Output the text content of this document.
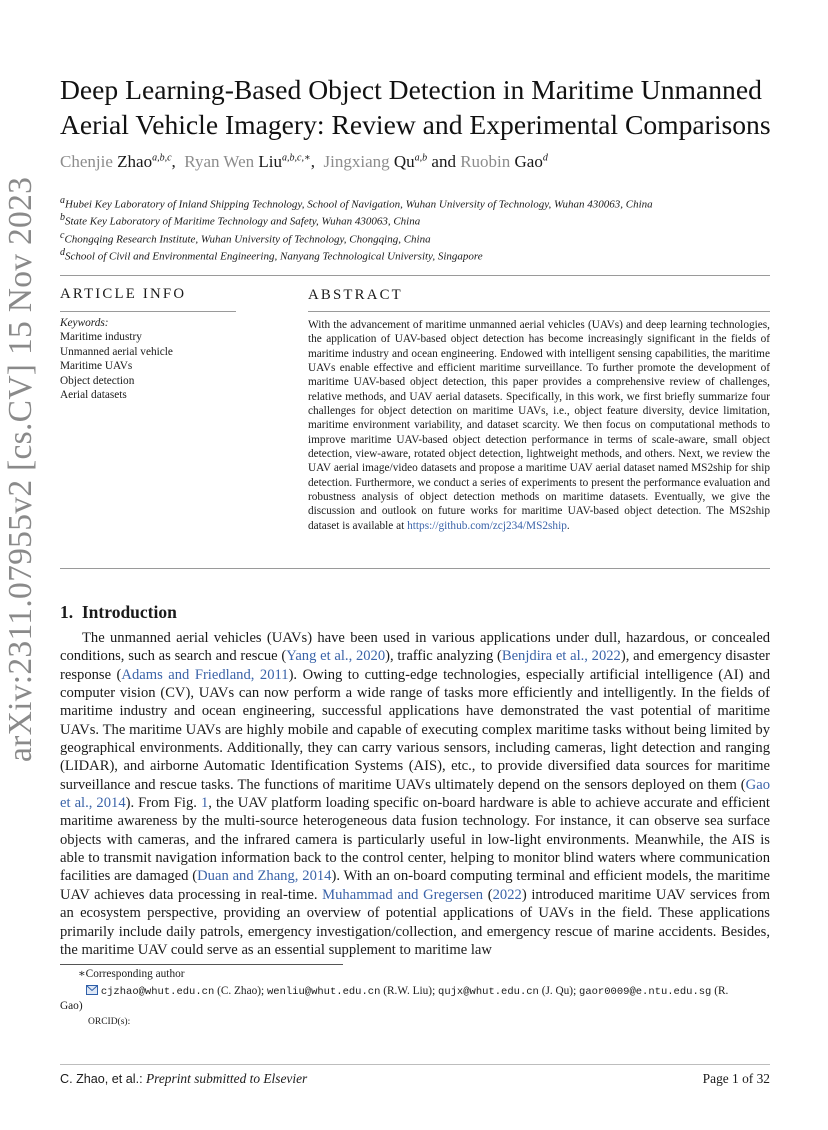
arXiv:2311.07955v2 [cs.CV] 15 Nov 2023
Deep Learning-Based Object Detection in Maritime Unmanned
Aerial Vehicle Imagery: Review and Experimental Comparisons
Chenjie Zhao$^{a,b,c}$,  Ryan Wen Liu$^{a,b,c,∗}$,  Jingxiang Qu$^{a,b}$ and Ruobin Gao$^d$
$^a$Hubei Key Laboratory of Inland Shipping Technology, School of Navigation, Wuhan University of Technology, Wuhan 430063, China
$^b$State Key Laboratory of Maritime Technology and Safety, Wuhan 430063, China
$^c$Chongqing Research Institute, Wuhan University of Technology, Chongqing, China
$^d$School of Civil and Environmental Engineering, Nanyang Technological University, Singapore
ARTICLE INFO
Keywords:
Maritime industry
Unmanned aerial vehicle
Maritime UAVs
Object detection
Aerial datasets
ABSTRACT
With the advancement of maritime unmanned aerial vehicles (UAVs) and deep learning technologies, the application of UAV-based object detection has become increasingly significant in the fields of maritime industry and ocean engineering. Endowed with intelligent sensing capabilities, the maritime UAVs enable effective and efficient maritime surveillance. To further promote the development of maritime UAV-based object detection, this paper provides a comprehensive review of challenges, relative methods, and UAV aerial datasets. Specifically, in this work, we first briefly summarize four challenges for object detection on maritime UAVs, i.e., object feature diversity, device limitation, maritime environment variability, and dataset scarcity. We then focus on computational methods to improve maritime UAV-based object detection performance in terms of scale-aware, small object detection, view-aware, rotated object detection, lightweight methods, and others. Next, we review the UAV aerial image/video datasets and propose a maritime UAV aerial dataset named MS2ship for ship detection. Furthermore, we conduct a series of experiments to present the performance evaluation and robustness analysis of object detection methods on maritime datasets. Eventually, we give the discussion and outlook on future works for maritime UAV-based object detection. The MS2ship dataset is available at https://github.com/zcj234/MS2ship.
1. Introduction
The unmanned aerial vehicles (UAVs) have been used in various applications under dull, hazardous, or concealed conditions, such as search and rescue (Yang et al., 2020), traffic analyzing (Benjdira et al., 2022), and emergency disaster response (Adams and Friedland, 2011). Owing to cutting-edge technologies, especially artificial intelligence (AI) and computer vision (CV), UAVs can now perform a wide range of tasks more efficiently and intelligently. In the fields of maritime industry and ocean engineering, successful applications have demonstrated the vast potential of maritime UAVs. The maritime UAVs are highly mobile and capable of executing complex maritime tasks without being limited by geographical environments. Additionally, they can carry various sensors, including cameras, light detection and ranging (LIDAR), and airborne Automatic Identification Systems (AIS), etc., to provide diversified data sources for maritime surveillance and rescue tasks. The functions of maritime UAVs ultimately depend on the sensors deployed on them (Gao et al., 2014). From Fig. 1, the UAV platform loading specific on-board hardware is able to achieve accurate and efficient maritime awareness by the multi-source heterogeneous data fusion technology. For instance, it can observe sea surface objects with cameras, and the infrared camera is particularly useful in low-light environments. Meanwhile, the AIS is able to transmit navigation information back to the control center, helping to monitor blind waters where communication facilities are damaged (Duan and Zhang, 2014). With an on-board computing terminal and efficient models, the maritime UAV achieves data processing in real-time. Muhammad and Gregersen (2022) introduced maritime UAV services from an ecosystem perspective, providing an overview of potential applications of UAVs in the field. These applications primarily include daily patrols, emergency investigation/collection, and emergency rescue of marine accidents. Besides, the maritime UAV could serve as an essential supplement to maritime law
∗Corresponding author
cjzhao@whut.edu.cn (C. Zhao); wenliu@whut.edu.cn (R.W. Liu); qujx@whut.edu.cn (J. Qu); gaor0009@e.ntu.edu.sg (R.
Gao)
ORCID(s):
C. Zhao, et al.: Preprint submitted to Elsevier	Page 1 of 32
